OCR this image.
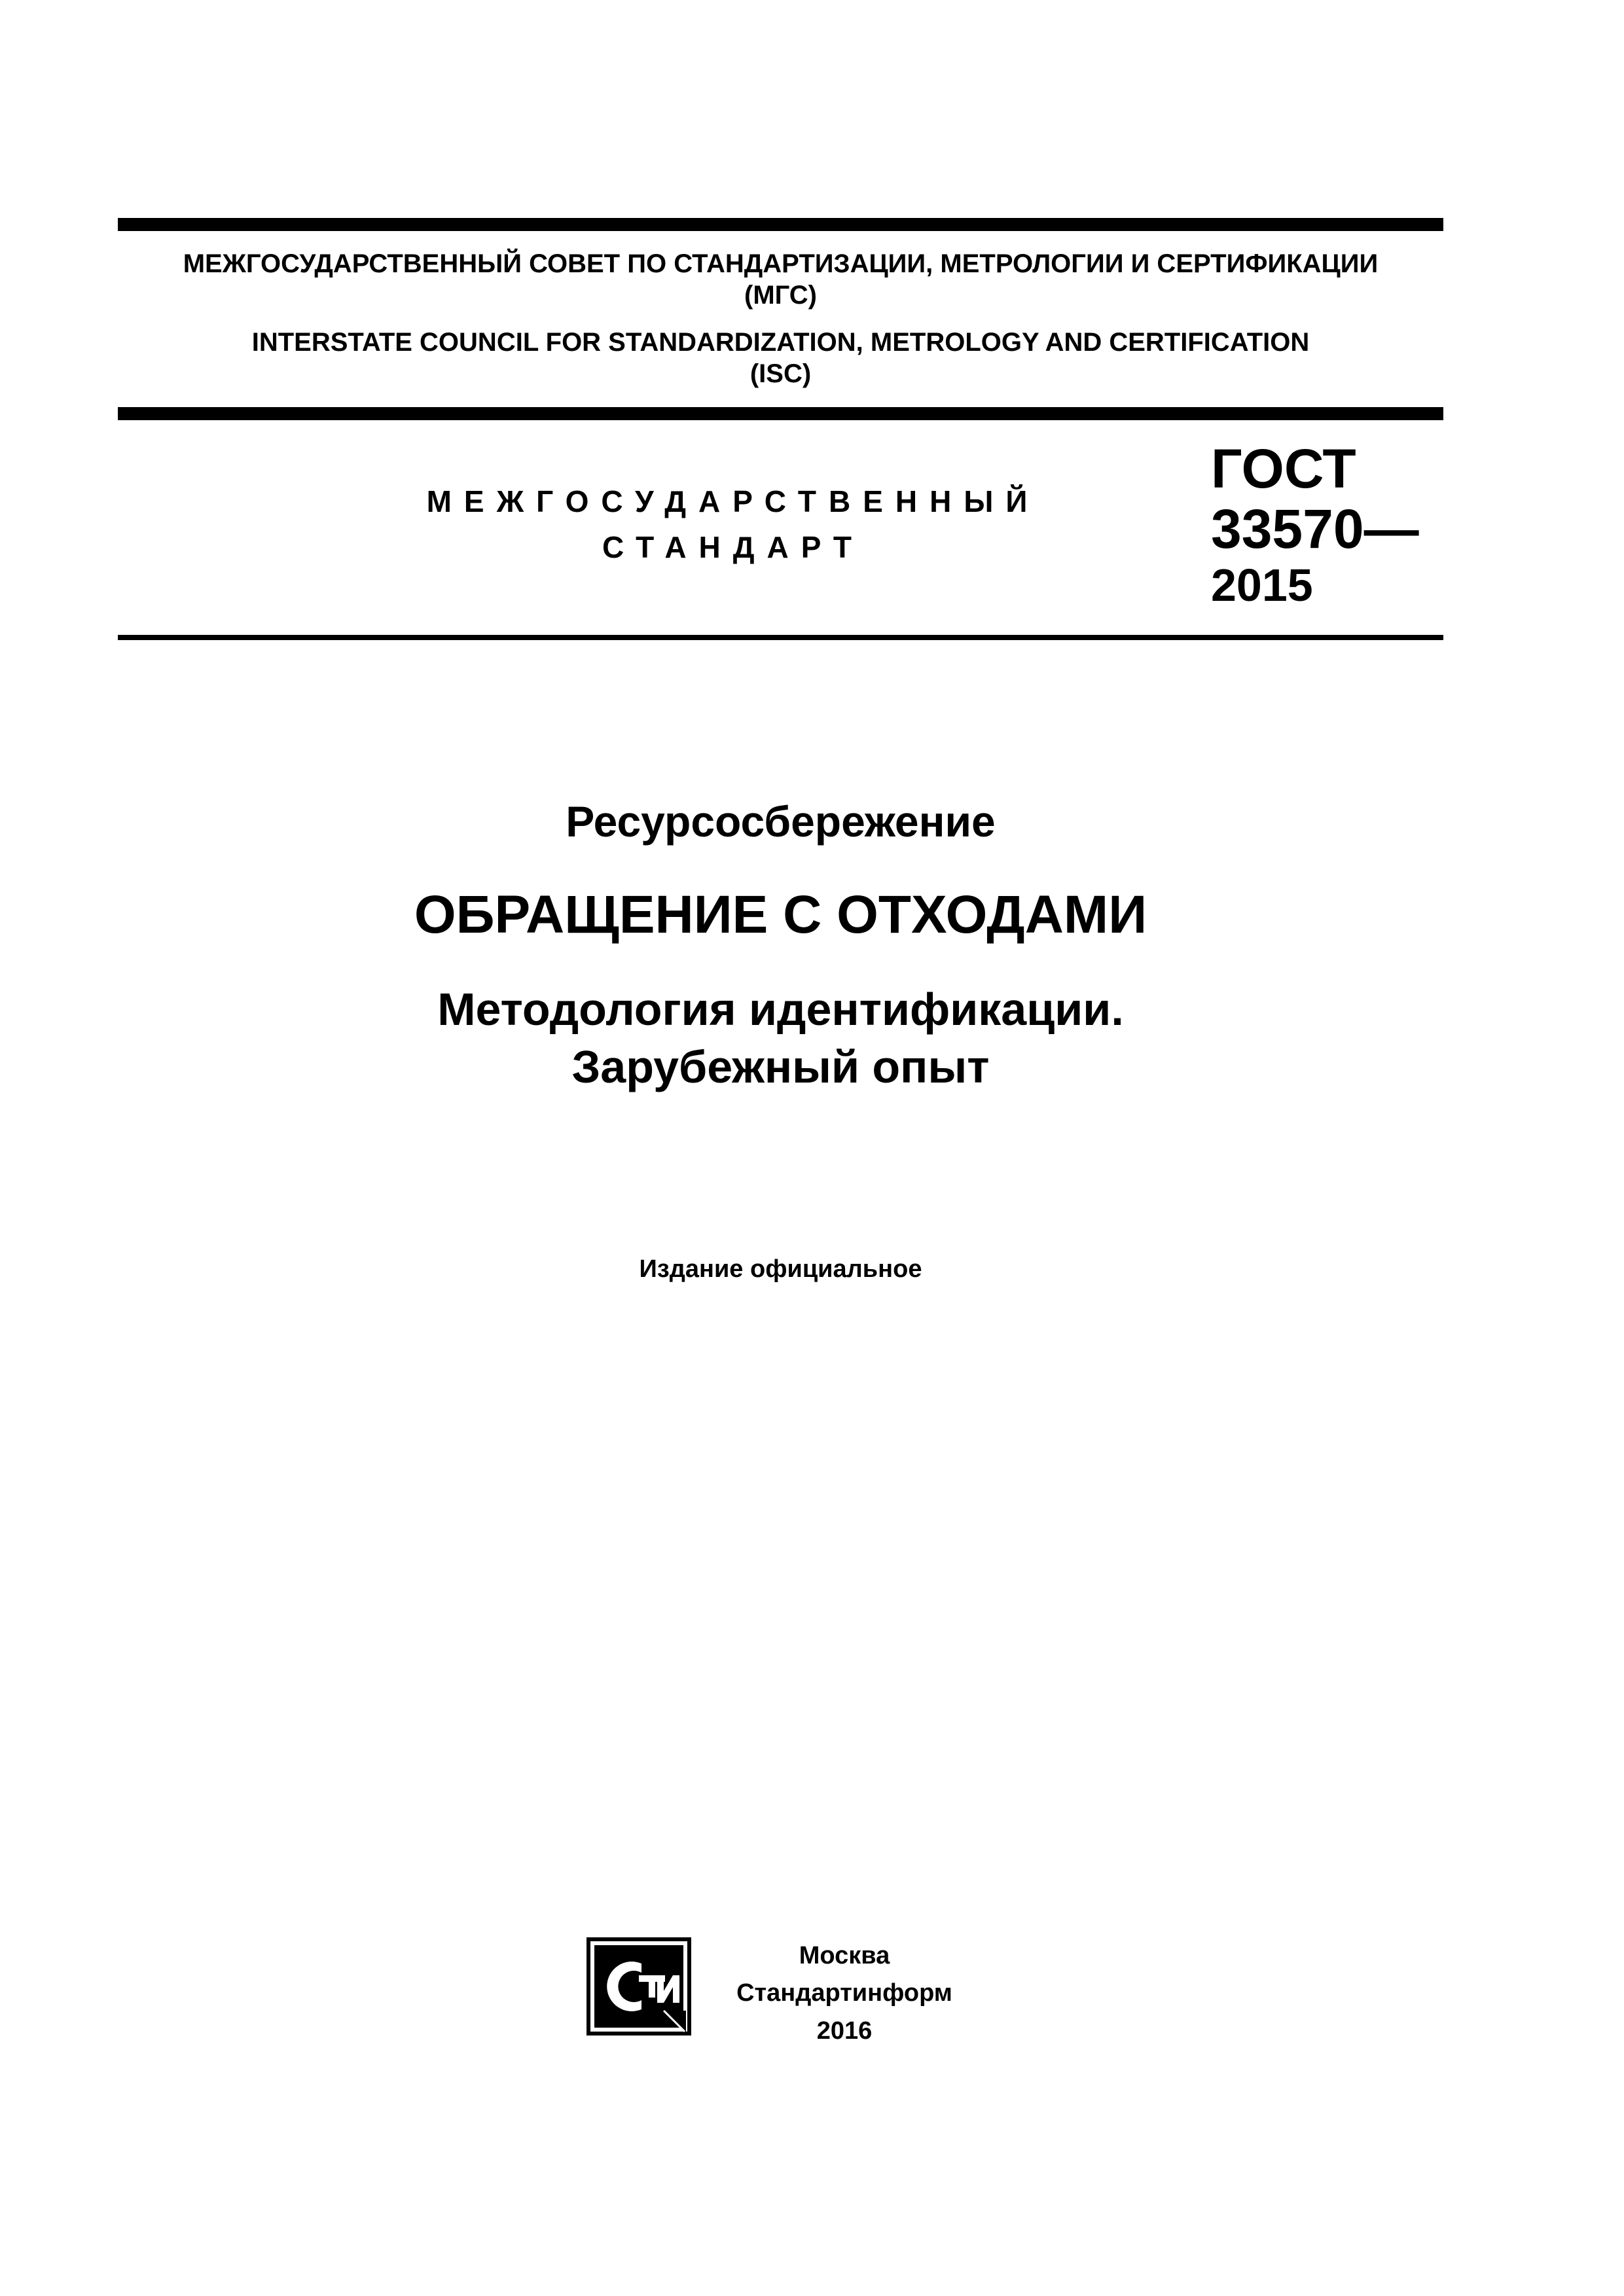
МЕЖГОСУДАРСТВЕННЫЙ СОВЕТ ПО СТАНДАРТИЗАЦИИ, МЕТРОЛОГИИ И СЕРТИФИКАЦИИ
(МГС)
INTERSTATE COUNCIL FOR STANDARDIZATION, METROLOGY AND CERTIFICATION
(ISC)
МЕЖГОСУДАРСТВЕННЫЙ
СТАНДАРТ
ГОСТ
33570—
2015
Ресурсосбережение
ОБРАЩЕНИЕ С ОТХОДАМИ
Методология идентификации.
Зарубежный опыт
Издание официальное
Москва
Стандартинформ
2016
